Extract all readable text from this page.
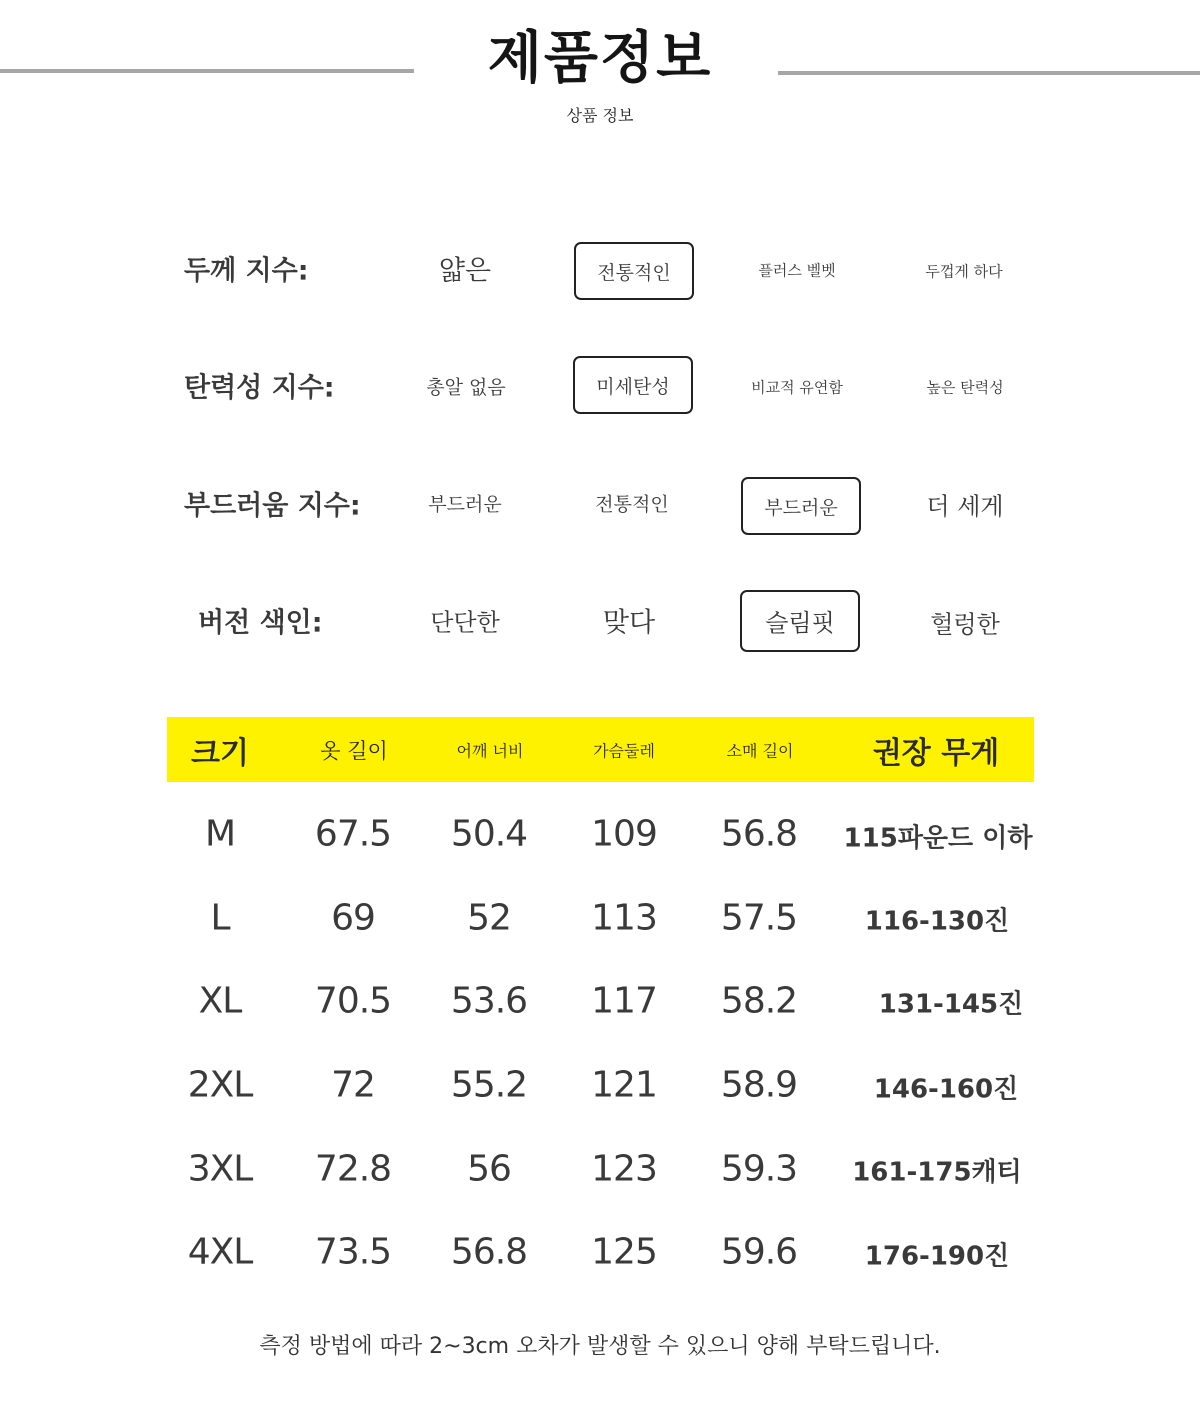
제품정보
상품 정보
두께 지수:	얇은	전통적인	플러스 벨벳	두껍게 하다
탄력성 지수:	총알 없음	미세탄성	비교적 유연함	높은 탄력성
부드러움 지수:	부드러운	전통적인	부드러운	더 세게
버전 색인:	단단한	맞다	슬림핏	헐렁한
크기	옷 길이	어깨 너비	가슴둘레	소매 길이	권장 무게
M 67.5 50.4 109 56.8 115파운드 이하
L	69	52 113 57.5	116-130진
XL 70.5 53.6 117 58.2	131-145진
2XL 72 55.2 121 58.9	146-160진
3XL 72.8 56 123 59.3 161-175캐티
4XL 73.5 56.8 125 59.6	176-190진
측정 방법에 따라 2~3cm 오차가 발생할 수 있으니 양해 부탁드립니다.
